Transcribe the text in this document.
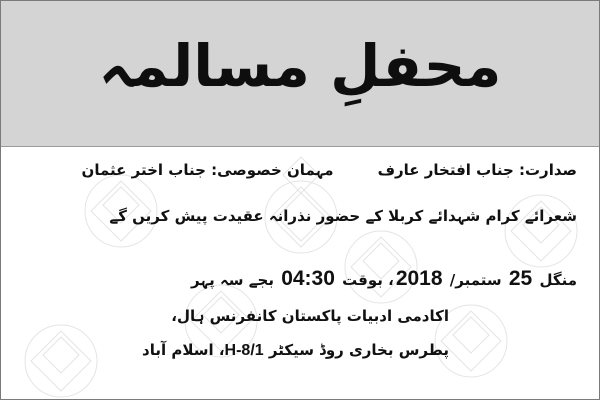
محفلِ مسالمہ
صدارت: جناب افتخار عارفمہمان خصوصی: جناب اختر عثمان
شعرائے کرام شہدائے کربلا کے حضور نذرانہ عقیدت پیش کریں گے
منگل 25 ستمبر/ 2018، بوقت 04:30 بجے سہ پہر
اکادمی ادبیات پاکستان کانفرنس ہال،
پطرس بخاری روڈ سیکٹر H-8/1، اسلام آباد
